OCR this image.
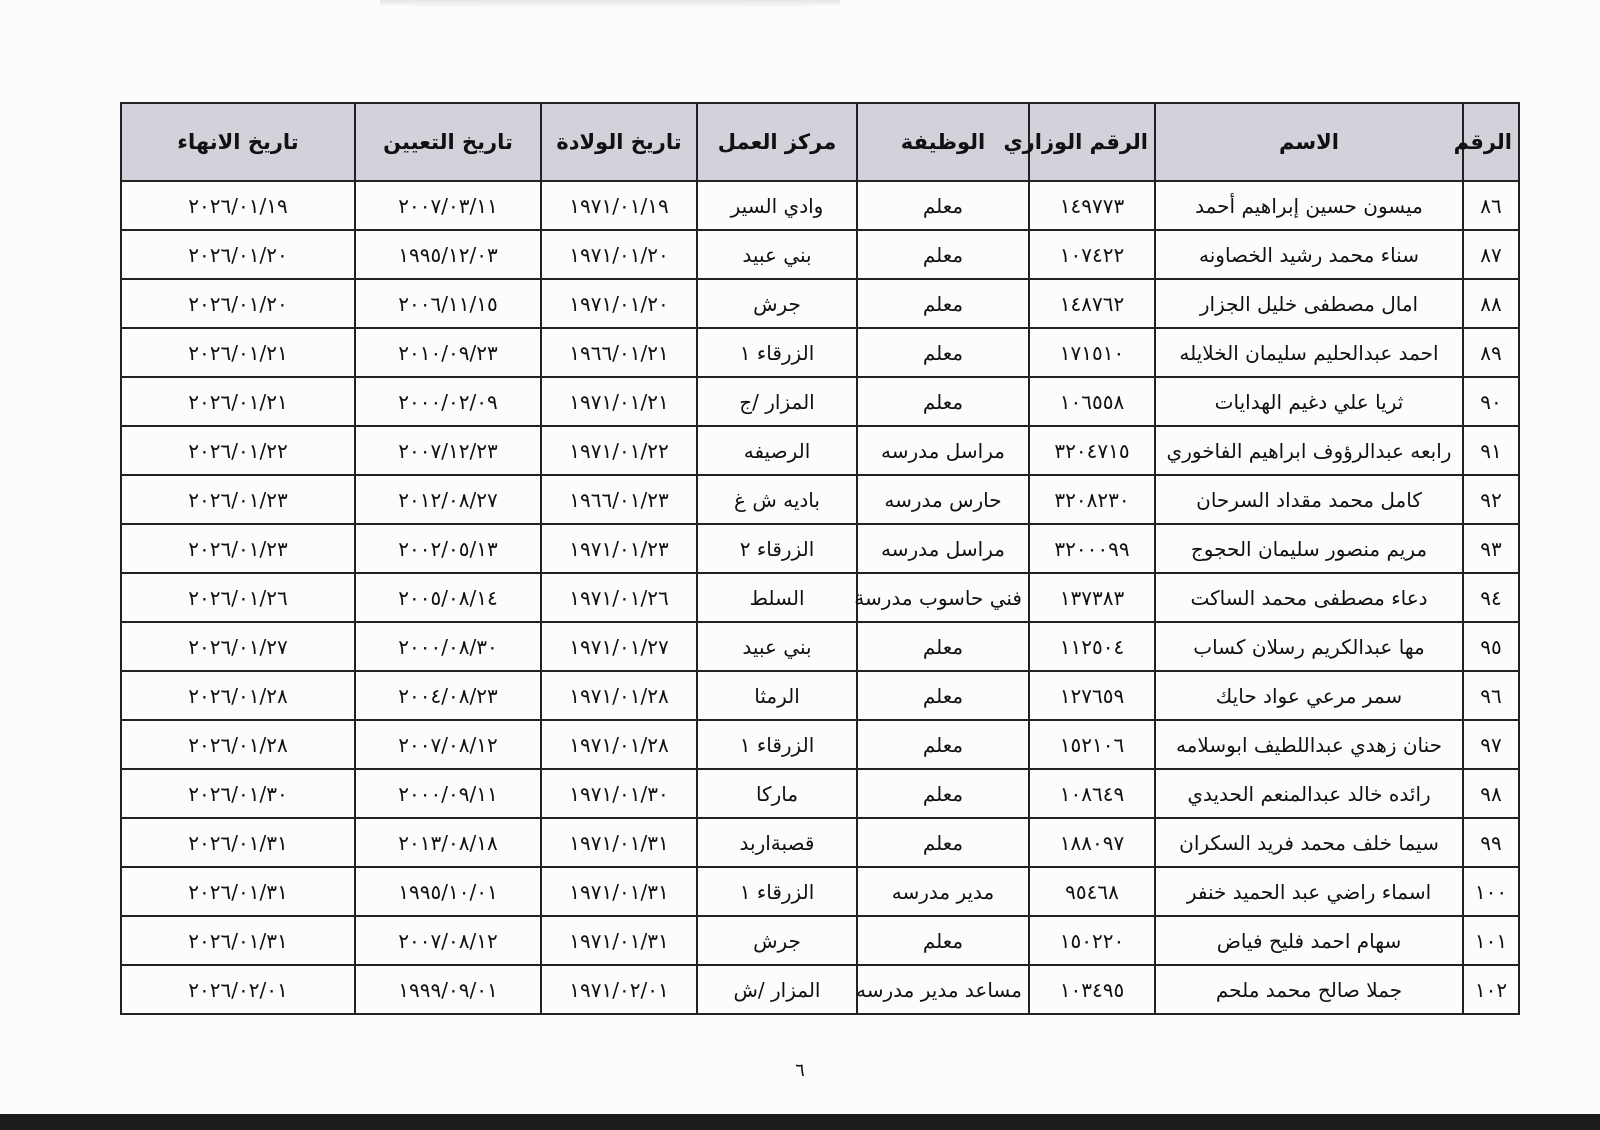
الرقم	الاسم	الرقم الوزاري	الوظيفة	مركز العمل	تاريخ الولادة	تاريخ التعيين	تاريخ الانهاء
٨٦	ميسون حسين إبراهيم أحمد	١٤٩٧٧٣	معلم	وادي السير	١٩٧١/٠١/١٩	٢٠٠٧/٠٣/١١	٢٠٢٦/٠١/١٩
٨٧	سناء محمد رشيد الخصاونه	١٠٧٤٢٢	معلم	بني عبيد	١٩٧١/٠١/٢٠	١٩٩٥/١٢/٠٣	٢٠٢٦/٠١/٢٠
٨٨	امال مصطفى خليل الجزار	١٤٨٧٦٢	معلم	جرش	١٩٧١/٠١/٢٠	٢٠٠٦/١١/١٥	٢٠٢٦/٠١/٢٠
٨٩	احمد عبدالحليم سليمان الخلايله	١٧١٥١٠	معلم	الزرقاء ١	١٩٦٦/٠١/٢١	٢٠١٠/٠٩/٢٣	٢٠٢٦/٠١/٢١
٩٠	ثريا علي دغيم الهدايات	١٠٦٥٥٨	معلم	المزار /ج	١٩٧١/٠١/٢١	٢٠٠٠/٠٢/٠٩	٢٠٢٦/٠١/٢١
٩١	رابعه عبدالرؤوف ابراهيم الفاخوري	٣٢٠٤٧١٥	مراسل مدرسه	الرصيفه	١٩٧١/٠١/٢٢	٢٠٠٧/١٢/٢٣	٢٠٢٦/٠١/٢٢
٩٢	كامل محمد مقداد السرحان	٣٢٠٨٢٣٠	حارس مدرسه	باديه ش غ	١٩٦٦/٠١/٢٣	٢٠١٢/٠٨/٢٧	٢٠٢٦/٠١/٢٣
٩٣	مريم منصور سليمان الحجوج	٣٢٠٠٠٩٩	مراسل مدرسه	الزرقاء ٢	١٩٧١/٠١/٢٣	٢٠٠٢/٠٥/١٣	٢٠٢٦/٠١/٢٣
٩٤	دعاء مصطفى محمد الساكت	١٣٧٣٨٣	فني حاسوب مدرسة	السلط	١٩٧١/٠١/٢٦	٢٠٠٥/٠٨/١٤	٢٠٢٦/٠١/٢٦
٩٥	مها عبدالكريم رسلان كساب	١١٢٥٠٤	معلم	بني عبيد	١٩٧١/٠١/٢٧	٢٠٠٠/٠٨/٣٠	٢٠٢٦/٠١/٢٧
٩٦	سمر مرعي عواد حايك	١٢٧٦٥٩	معلم	الرمثا	١٩٧١/٠١/٢٨	٢٠٠٤/٠٨/٢٣	٢٠٢٦/٠١/٢٨
٩٧	حنان زهدي عبداللطيف ابوسلامه	١٥٢١٠٦	معلم	الزرقاء ١	١٩٧١/٠١/٢٨	٢٠٠٧/٠٨/١٢	٢٠٢٦/٠١/٢٨
٩٨	رائده خالد عبدالمنعم الحديدي	١٠٨٦٤٩	معلم	ماركا	١٩٧١/٠١/٣٠	٢٠٠٠/٠٩/١١	٢٠٢٦/٠١/٣٠
٩٩	سيما خلف محمد فريد السكران	١٨٨٠٩٧	معلم	قصبةاربد	١٩٧١/٠١/٣١	٢٠١٣/٠٨/١٨	٢٠٢٦/٠١/٣١
١٠٠	اسماء راضي عبد الحميد خنفر	٩٥٤٦٨	مدير مدرسه	الزرقاء ١	١٩٧١/٠١/٣١	١٩٩٥/١٠/٠١	٢٠٢٦/٠١/٣١
١٠١	سهام احمد فليح فياض	١٥٠٢٢٠	معلم	جرش	١٩٧١/٠١/٣١	٢٠٠٧/٠٨/١٢	٢٠٢٦/٠١/٣١
١٠٢	جملا صالح محمد ملحم	١٠٣٤٩٥	مساعد مدير مدرسه	المزار /ش	١٩٧١/٠٢/٠١	١٩٩٩/٠٩/٠١	٢٠٢٦/٠٢/٠١
٦
